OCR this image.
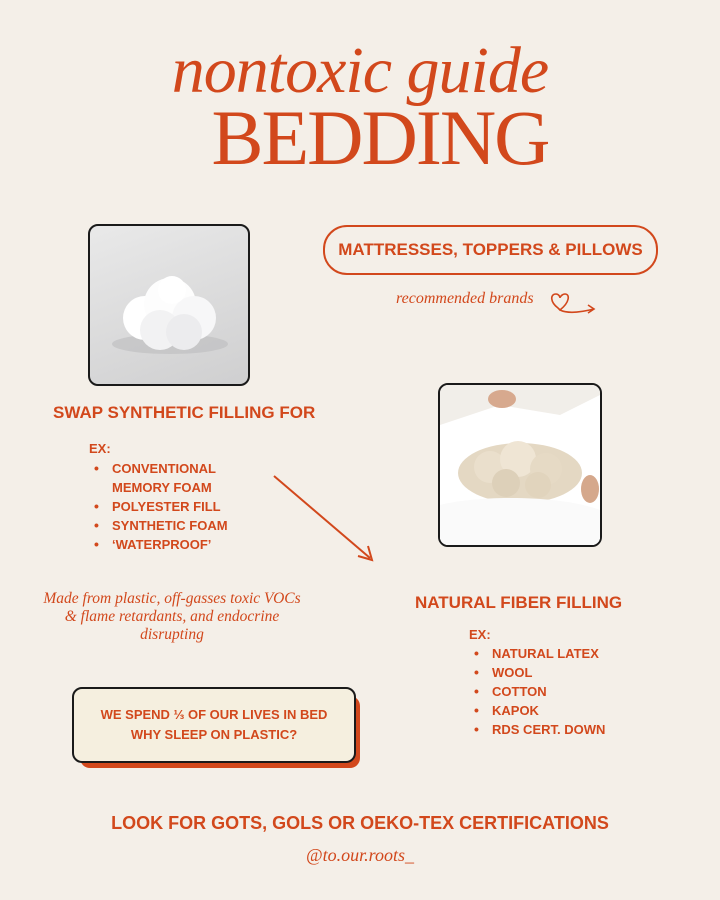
nontoxic guide
BEDDING
MATTRESSES, TOPPERS & PILLOWS
recommended brands
SWAP SYNTHETIC FILLING FOR
EX:
• CONVENTIONAL MEMORY FOAM
• POLYESTER FILL
• SYNTHETIC FOAM
• ‘WATERPROOF’
Made from plastic, off-gasses toxic VOCs
& flame retardants, and endocrine disrupting
NATURAL FIBER FILLING
EX:
• NATURAL LATEX
• WOOL
• COTTON
• KAPOK
• RDS CERT. DOWN
WE SPEND ⅓ OF OUR LIVES IN BED
WHY SLEEP ON PLASTIC?
LOOK FOR GOTS, GOLS OR OEKO-TEX CERTIFICATIONS
@to.our.roots_
